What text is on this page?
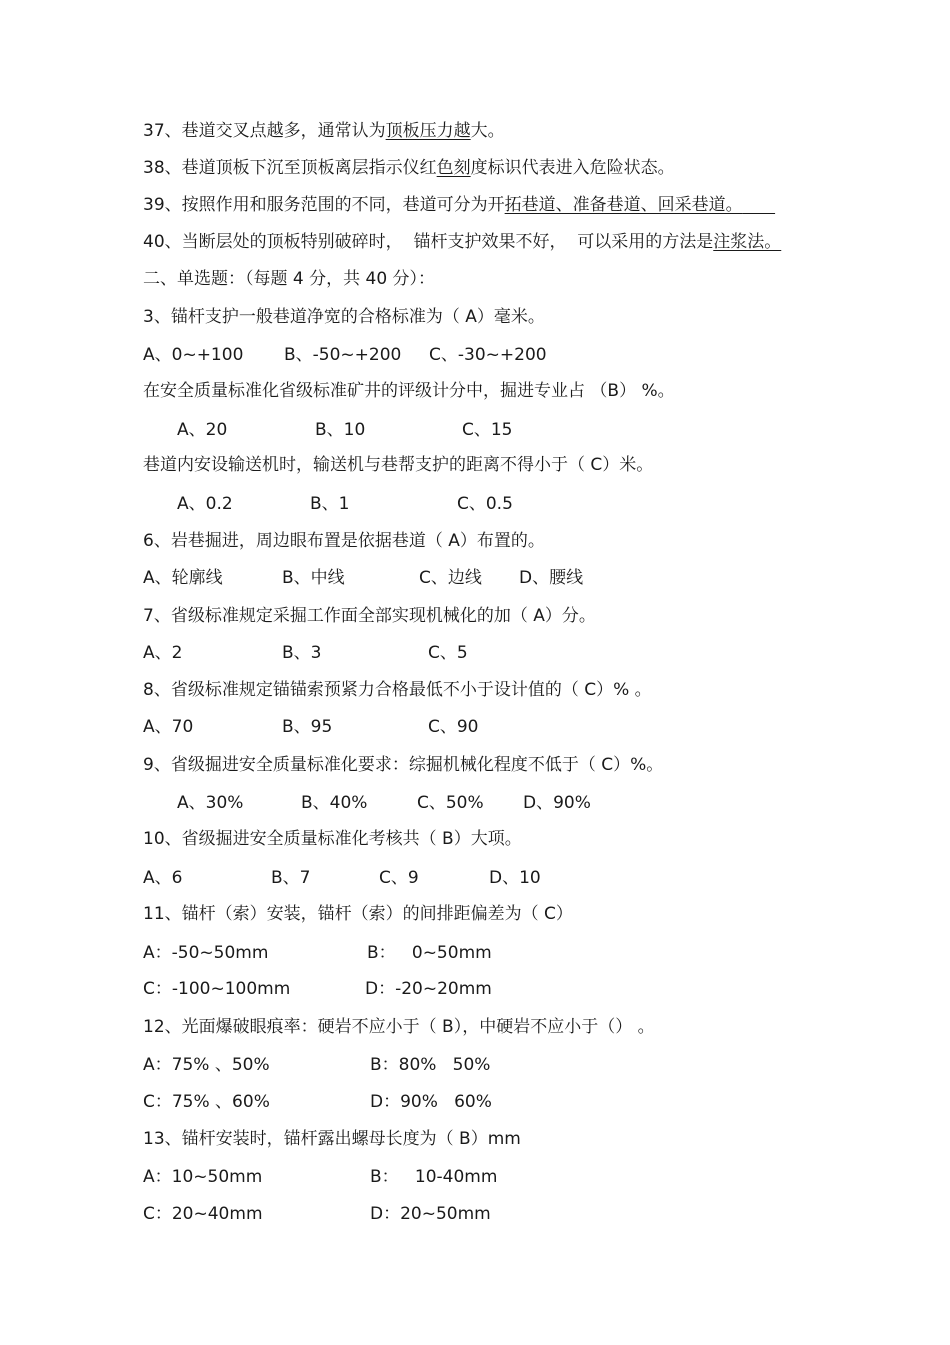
37、巷道交叉点越多，通常认为顶板压力越大。
38、巷道顶板下沉至顶板离层指示仪红色刻度标识代表进入危险状态。
39、按照作用和服务范围的不同，巷道可分为开拓巷道、准备巷道、回采巷道。
40、当断层处的顶板特别破碎时，  锚杆支护效果不好，  可以采用的方法是注浆法。
二、单选题：（每题 4 分，共 40 分）：
3、锚杆支护一般巷道净宽的合格标准为（ A）毫米。
A、0~+100 B、-50~+200 C、-30~+200
在安全质量标准化省级标准矿井的评级计分中，掘进专业占 （B） %。
A、20	B、10	C、15
巷道内安设输送机时，输送机与巷帮支护的距离不得小于（ C）米。
A、0.2	B、1	C、0.5
6、岩巷掘进，周边眼布置是依据巷道（ A）布置的。
A、轮廓线	B、中线	C、边线 D、腰线
7、省级标准规定采掘工作面全部实现机械化的加（ A）分。
A、2	B、3	C、5
8、省级标准规定锚锚索预紧力合格最低不小于设计值的（ C）% 。
A、70	B、95	C、90
9、省级掘进安全质量标准化要求：综掘机械化程度不低于（ C）%。
A、30%	B、40%	C、50% D、90%
10、省级掘进安全质量标准化考核共（ B）大项。
A、6	B、7	C、9	D、10
11、锚杆（索）安装，锚杆（索）的间排距偏差为（ C）
A：-50~50mm	B：   0~50mm
C：-100~100mm	D：-20~20mm
12、光面爆破眼痕率：硬岩不应小于（ B），中硬岩不应小于（） 。
A：75% 、50%	B：80%   50%
C：75% 、60%	D：90%   60%
13、锚杆安装时，锚杆露出螺母长度为（ B）mm
A：10~50mm	B：   10-40mm
C：20~40mm	D：20~50mm
